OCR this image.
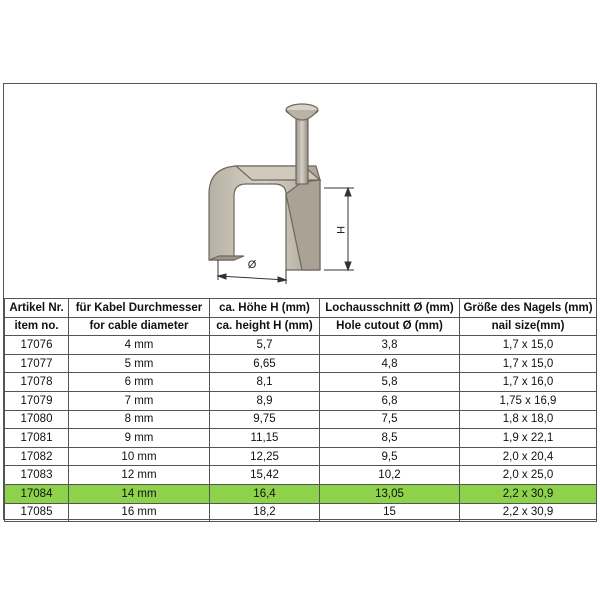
H
Ø
Artikel Nr.	für Kabel Durchmesser	ca. Höhe H (mm)	Lochausschnitt Ø (mm)	Größe des Nagels (mm)
item no.	for cable diameter	ca. height H (mm)	Hole cutout Ø (mm)	nail size(mm)
17076	4 mm	5,7	3,8	1,7 x 15,0
17077	5 mm	6,65	4,8	1,7 x 15,0
17078	6 mm	8,1	5,8	1,7 x 16,0
17079	7 mm	8,9	6,8	1,75 x 16,9
17080	8 mm	9,75	7,5	1,8 x 18,0
17081	9 mm	11,15	8,5	1,9 x 22,1
17082	10 mm	12,25	9,5	2,0 x 20,4
17083	12 mm	15,42	10,2	2,0 x 25,0
17084	14 mm	16,4	13,05	2,2 x 30,9
17085	16 mm	18,2	15	2,2 x 30,9
